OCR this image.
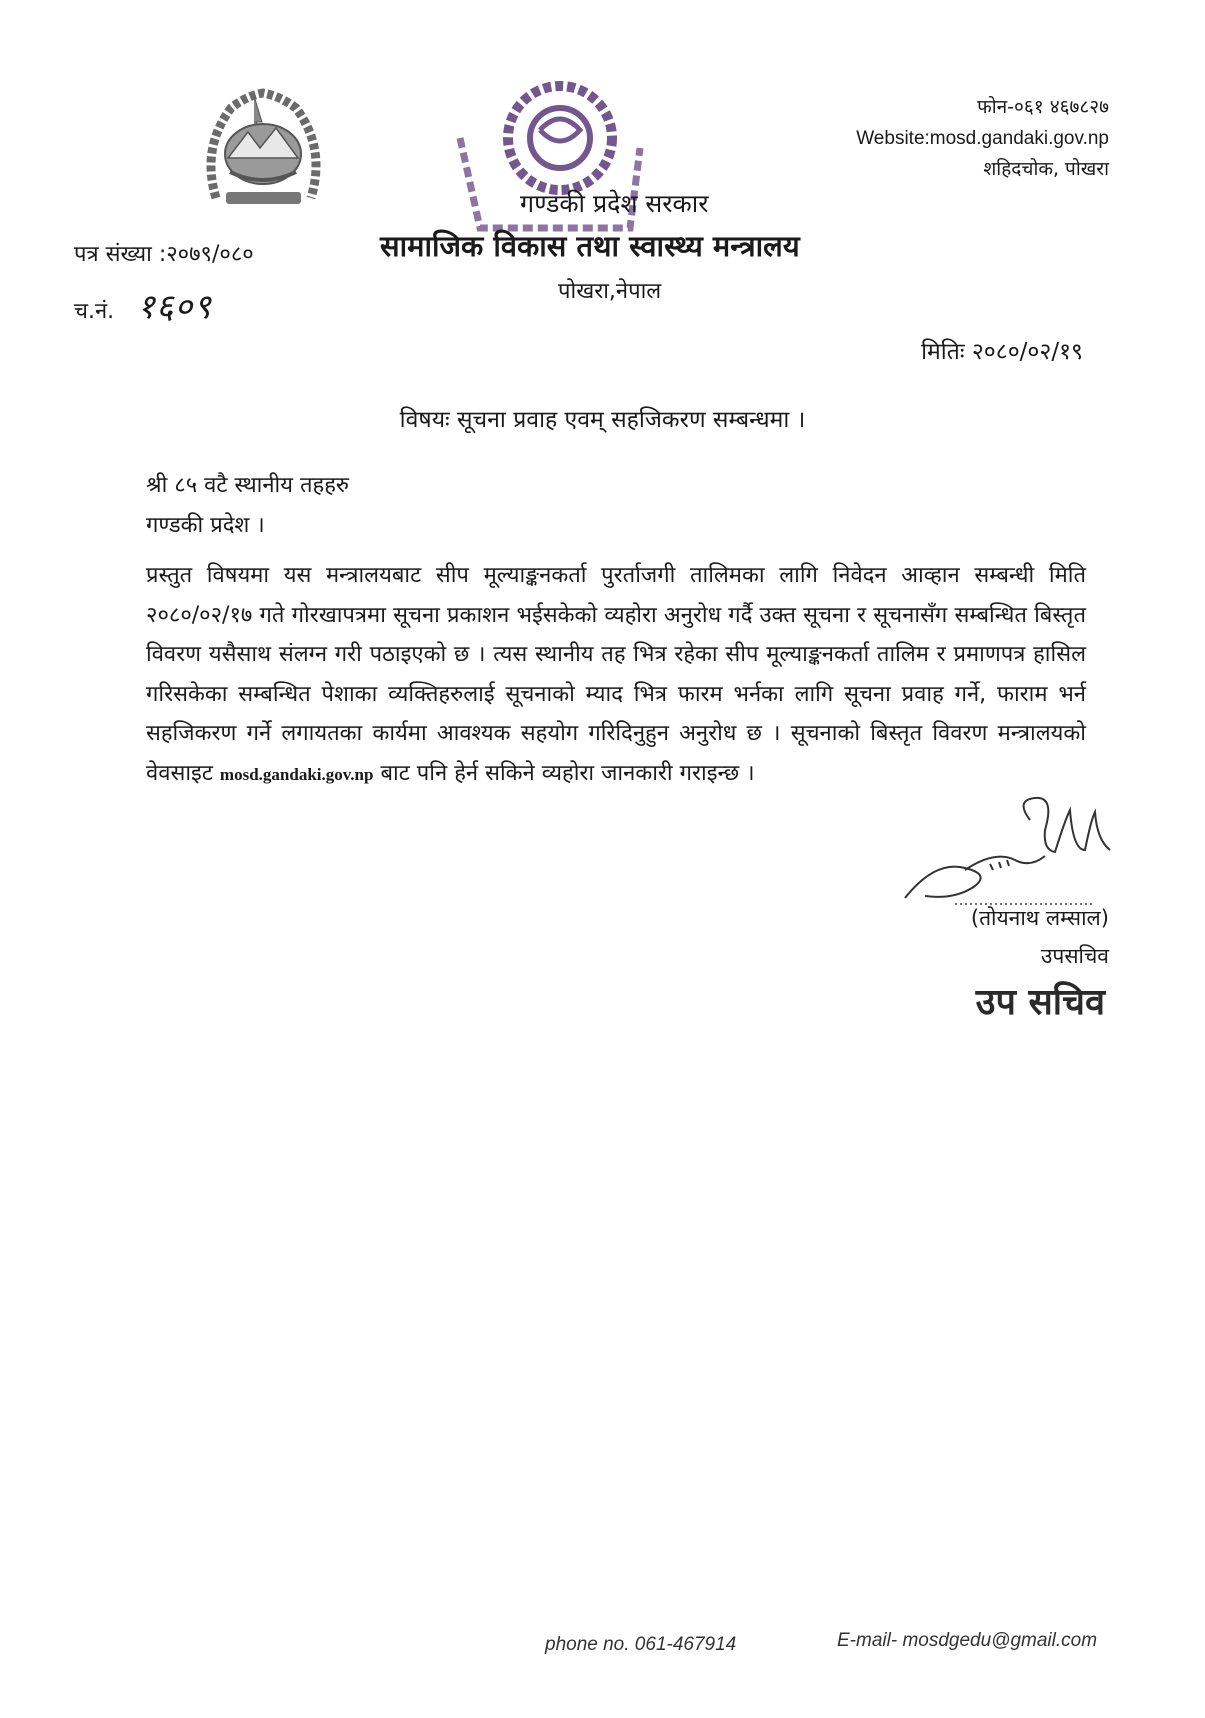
गण्डकी प्रदेश सरकार
सामाजिक विकास तथा स्वास्थ्य मन्त्रालय
पोखरा,नेपाल
फोन-०६१ ४६७८२७
Website:mosd.gandaki.gov.np
शहिदचोक, पोखरा
पत्र संख्या :२०७९/०८०
च.नं. १६०९
मितिः २०८०/०२/१९
विषयः सूचना प्रवाह एवम् सहजिकरण सम्बन्धमा ।
श्री ८५ वटै स्थानीय तहहरु
गण्डकी प्रदेश ।
प्रस्तुत विषयमा यस मन्त्रालयबाट सीप मूल्याङ्कनकर्ता पुरर्ताजगी तालिमका लागि निवेदन आव्हान सम्बन्धी मिति २०८०/०२/१७ गते गोरखापत्रमा सूचना प्रकाशन भईसकेको व्यहोरा अनुरोध गर्दै उक्त सूचना र सूचनासँग सम्बन्धित बिस्तृत विवरण यसैसाथ संलग्न गरी पठाइएको छ । त्यस स्थानीय तह भित्र रहेका सीप मूल्याङ्कनकर्ता तालिम र प्रमाणपत्र हासिल गरिसकेका सम्बन्धित पेशाका व्यक्तिहरुलाई सूचनाको म्याद भित्र फारम भर्नका लागि सूचना प्रवाह गर्ने, फाराम भर्न सहजिकरण गर्ने लगायतका कार्यमा आवश्यक सहयोग गरिदिनुहुन अनुरोध छ । सूचनाको बिस्तृत विवरण मन्त्रालयको वेवसाइट mosd.gandaki.gov.np बाट पनि हेर्न सकिने व्यहोरा जानकारी गराइन्छ ।
(तोयनाथ लम्साल)
उपसचिव
उप सचिव
phone no. 061-467914	E-mail- mosdgedu@gmail.com
